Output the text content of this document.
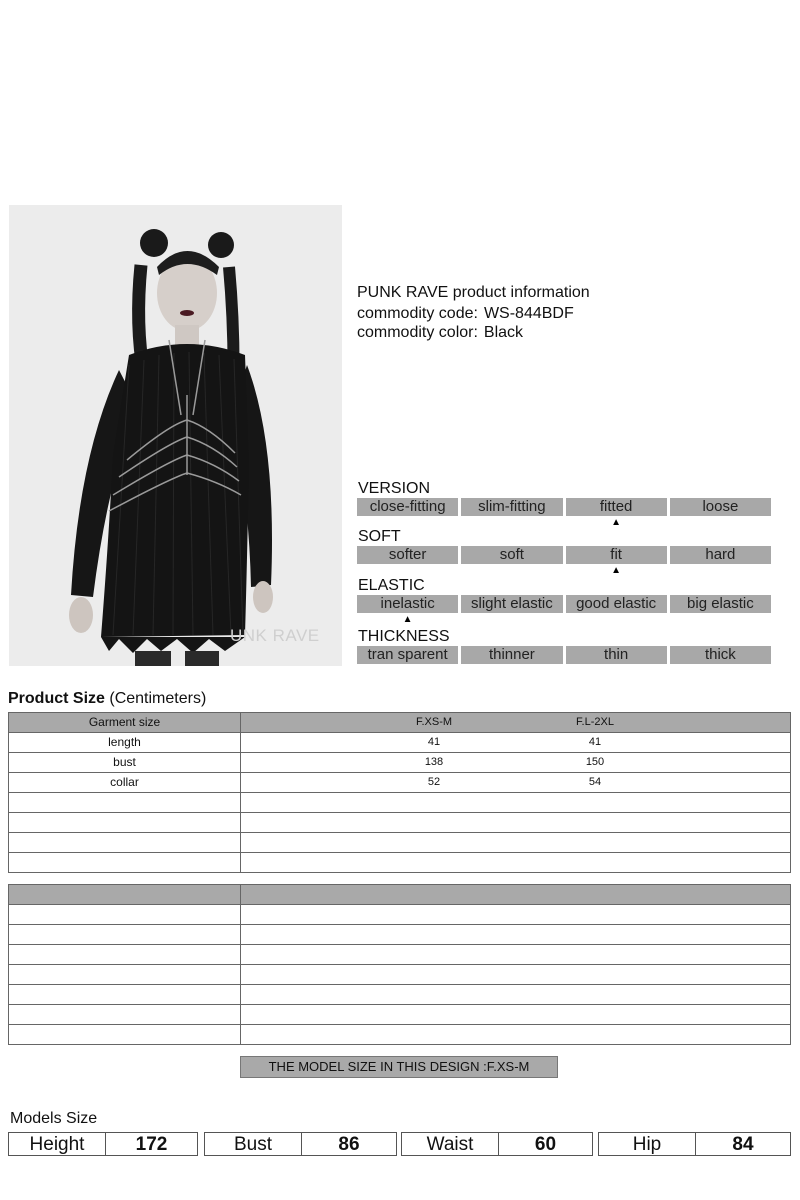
UNK RAVE
PUNK RAVE product information
commodity code: WS-844BDF
commodity color: Black
VERSION
close-fitting	slim-fitting	fitted	loose
▲
SOFT
softer	soft	fit	hard
▲
ELASTIC
inelastic	slight elastic	good elastic	big elastic
▲
THICKNESS
tran sparent	thinner	thin	thick
Product Size (Centimeters)
Garment size	F.XS-M	F.L-2XL
length	41	41
bust	138	150
collar	52	54
THE MODEL SIZE IN THIS DESIGN :F.XS-M
Models Size
Height	172	Bust	86	Waist	60	Hip	84
